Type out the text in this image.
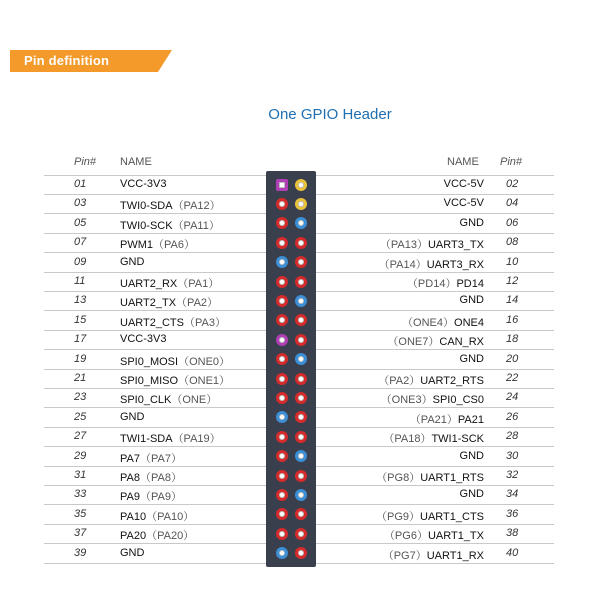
Pin definition
One GPIO Header
Pin# NAME	NAME Pin#
01	VCC-3V3	VCC-5V 02
03	TWI0-SDA（PA12）	VCC-5V 04
05	TWI0-SCK（PA11）	GND 06
07	PWM1（PA6）	（PA13）UART3_TX 08
09	GND	（PA14）UART3_RX 10
11	UART2_RX（PA1）	（PD14）PD14 12
13	UART2_TX（PA2）	GND 14
15	UART2_CTS（PA3）	（ONE4）ONE4 16
17	VCC-3V3	（ONE7）CAN_RX 18
19	SPI0_MOSI（ONE0）	GND 20
21	SPI0_MISO（ONE1）	（PA2）UART2_RTS 22
23	SPI0_CLK（ONE）	（ONE3）SPI0_CS0 24
25	GND	（PA21）PA21 26
27	TWI1-SDA（PA19）	（PA18）TWI1-SCK 28
29	PA7（PA7）	GND 30
31	PA8（PA8）	（PG8）UART1_RTS 32
33	PA9（PA9）	GND 34
35	PA10（PA10）	（PG9）UART1_CTS 36
37	PA20（PA20）	（PG6）UART1_TX 38
39	GND	（PG7）UART1_RX 40
